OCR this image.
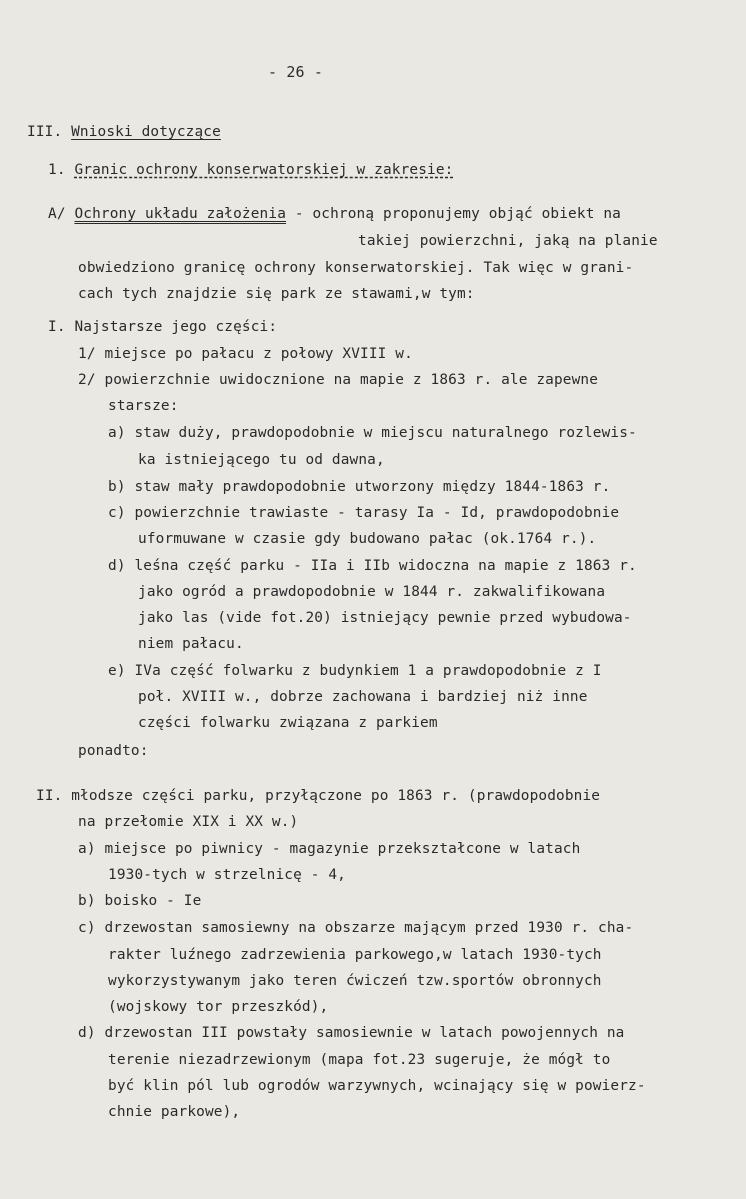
- 26 -
III. Wnioski dotyczące
1. Granic ochrony konserwatorskiej w zakresie:
A/ Ochrony układu założenia - ochroną proponujemy objąć obiekt na
takiej powierzchni, jaką na planie
obwiedziono granicę ochrony konserwatorskiej. Tak więc w grani-
cach tych znajdzie się park ze stawami,w tym:
I. Najstarsze jego części:
1/ miejsce po pałacu z połowy XVIII w.
2/ powierzchnie uwidocznione na mapie z 1863 r. ale zapewne
starsze:
a) staw duży, prawdopodobnie w miejscu naturalnego rozlewis-
ka istniejącego tu od dawna,
b) staw mały prawdopodobnie utworzony między 1844-1863 r.
c) powierzchnie trawiaste - tarasy Ia - Id, prawdopodobnie
uformuwane w czasie gdy budowano pałac (ok.1764 r.).
d) leśna część parku - IIa i IIb widoczna na mapie z 1863 r.
jako ogród a prawdopodobnie w 1844 r. zakwalifikowana
jako las (vide fot.20) istniejący pewnie przed wybudowa-
niem pałacu.
e) IVa część folwarku z budynkiem 1 a prawdopodobnie z I
poł. XVIII w., dobrze zachowana i bardziej niż inne
części folwarku związana z parkiem
ponadto:
II. młodsze części parku, przyłączone po 1863 r. (prawdopodobnie
na przełomie XIX i XX w.)
a) miejsce po piwnicy - magazynie przekształcone w latach
1930-tych w strzelnicę - 4,
b) boisko - Ie
c) drzewostan samosiewny na obszarze mającym przed 1930 r. cha-
rakter luźnego zadrzewienia parkowego,w latach 1930-tych
wykorzystywanym jako teren ćwiczeń tzw.sportów obronnych
(wojskowy tor przeszkód),
d) drzewostan III powstały samosiewnie w latach powojennych na
terenie niezadrzewionym (mapa fot.23 sugeruje, że mógł to
być klin pól lub ogrodów warzywnych, wcinający się w powierz-
chnie parkowe),
